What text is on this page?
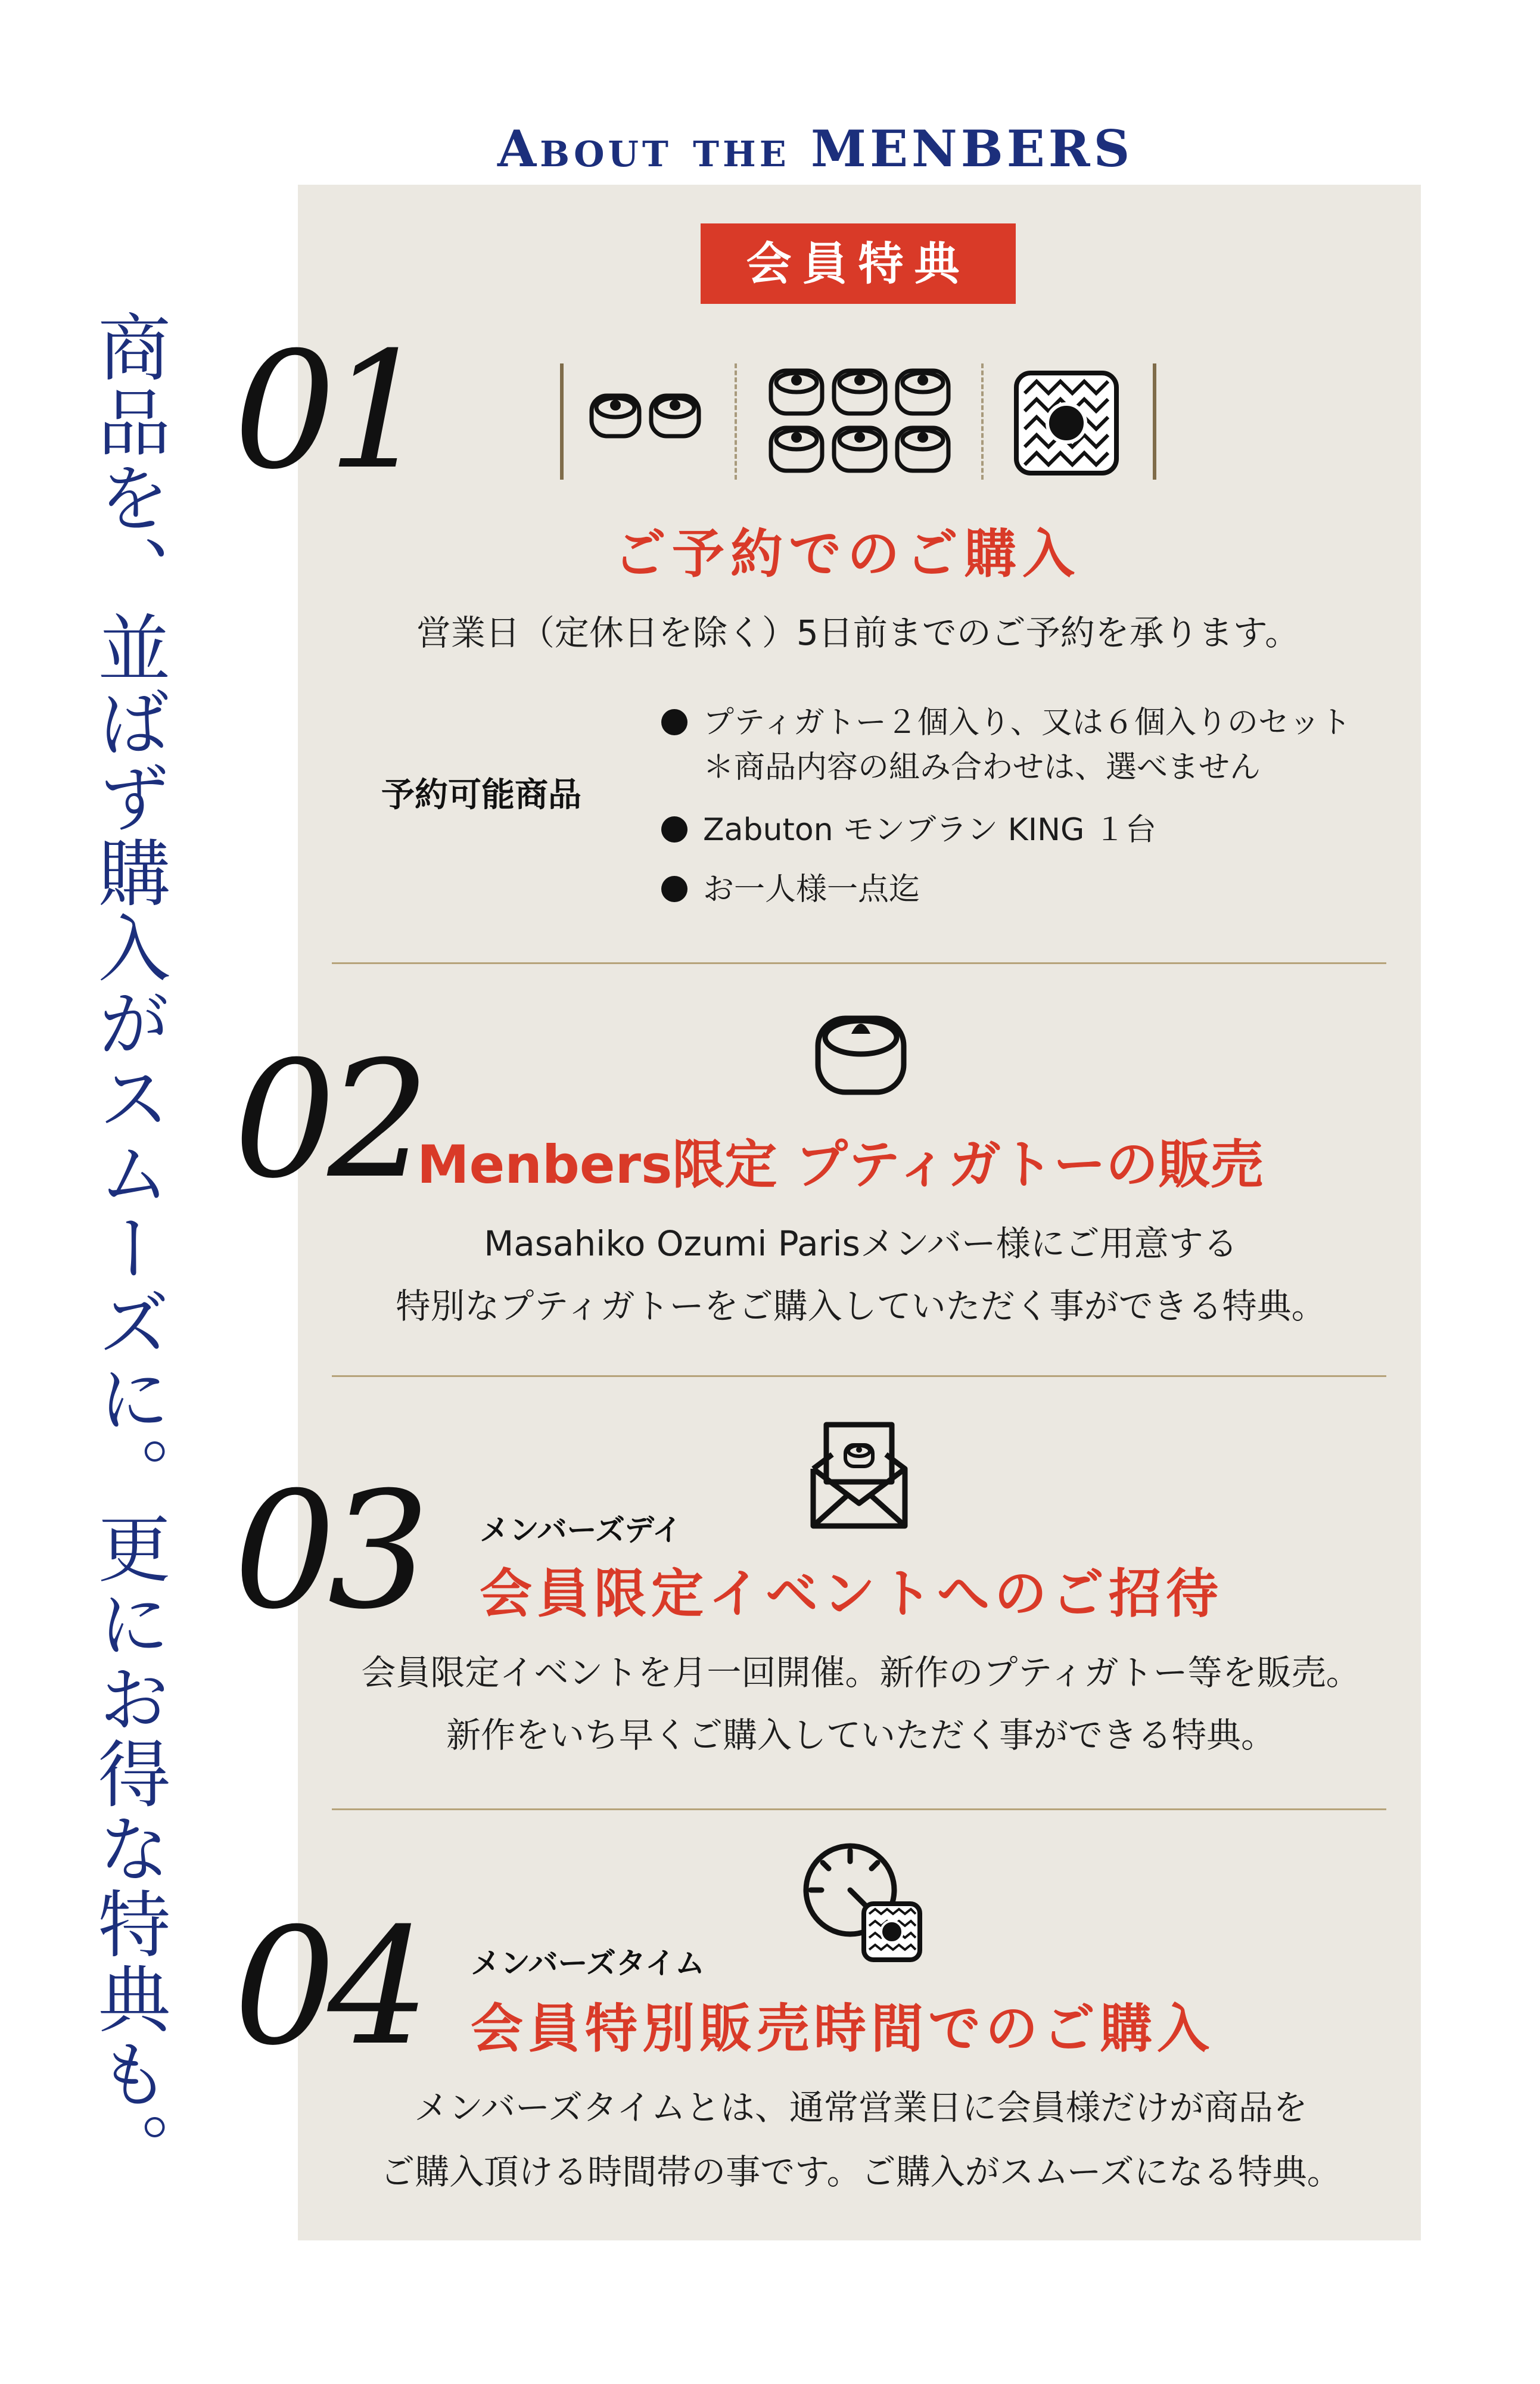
About the MENBERS
商品を、並ばず購入がスムーズに。更にお得な特典も。
会員特典
01
ご予約でのご購入
営業日（定休日を除く）5日前までのご予約を承ります。
予約可能商品
プティガトー２個入り、又は６個入りのセット
＊商品内容の組み合わせは、選べません
Zabuton モンブラン KING １台
お一人様一点迄
02
Menbers限定 プティガトーの販売
Masahiko Ozumi Parisメンバー様にご用意する
特別なプティガトーをご購入していただく事ができる特典。
メンバーズデイ
03 会員限定イベントへのご招待
会員限定イベントを月一回開催。新作のプティガトー等を販売。
新作をいち早くご購入していただく事ができる特典。
メンバーズタイム
04 会員特別販売時間でのご購入
メンバーズタイムとは、通常営業日に会員様だけが商品を
ご購入頂ける時間帯の事です。ご購入がスムーズになる特典。
